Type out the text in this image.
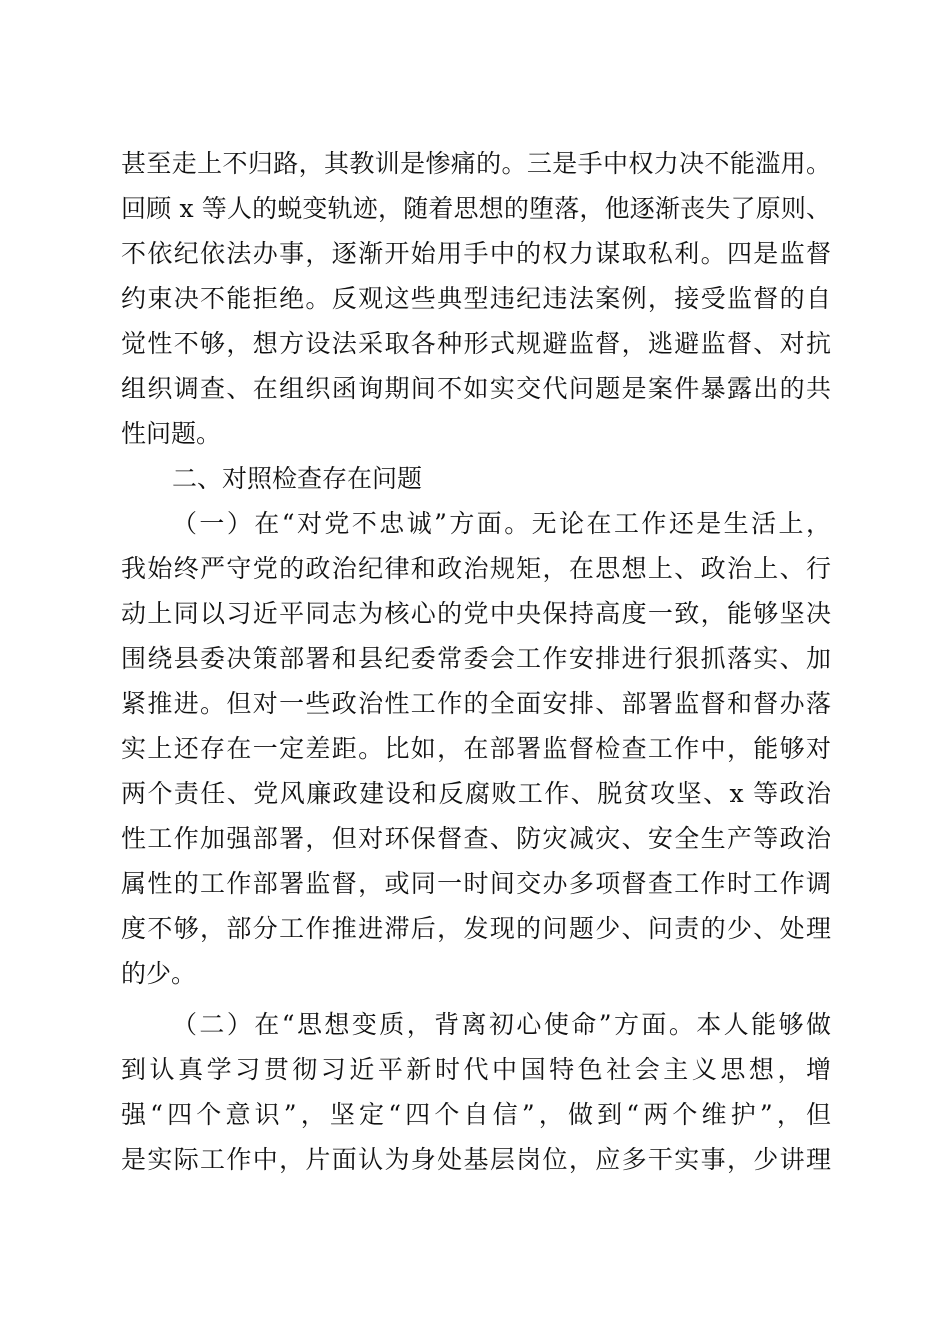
甚至走上不归路，其教训是惨痛的。三是手中权力决不能滥用。
回顾 x 等人的蜕变轨迹，随着思想的堕落，他逐渐丧失了原则、
不依纪依法办事，逐渐开始用手中的权力谋取私利。四是监督
约束决不能拒绝。反观这些典型违纪违法案例，接受监督的自
觉性不够，想方设法采取各种形式规避监督，逃避监督、对抗
组织调查、在组织函询期间不如实交代问题是案件暴露出的共
性问题。
二、对照检查存在问题
（一）在“对党不忠诚”方面。无论在工作还是生活上，
我始终严守党的政治纪律和政治规矩，在思想上、政治上、行
动上同以习近平同志为核心的党中央保持高度一致，能够坚决
围绕县委决策部署和县纪委常委会工作安排进行狠抓落实、加
紧推进。但对一些政治性工作的全面安排、部署监督和督办落
实上还存在一定差距。比如，在部署监督检查工作中，能够对
两个责任、党风廉政建设和反腐败工作、脱贫攻坚、x 等政治
性工作加强部署，但对环保督查、防灾减灾、安全生产等政治
属性的工作部署监督，或同一时间交办多项督查工作时工作调
度不够，部分工作推进滞后，发现的问题少、问责的少、处理
的少。
（二）在“思想变质，背离初心使命”方面。本人能够做
到认真学习贯彻习近平新时代中国特色社会主义思想，增
强“四个意识”，坚定“四个自信”，做到“两个维护”，但
是实际工作中，片面认为身处基层岗位，应多干实事，少讲理
